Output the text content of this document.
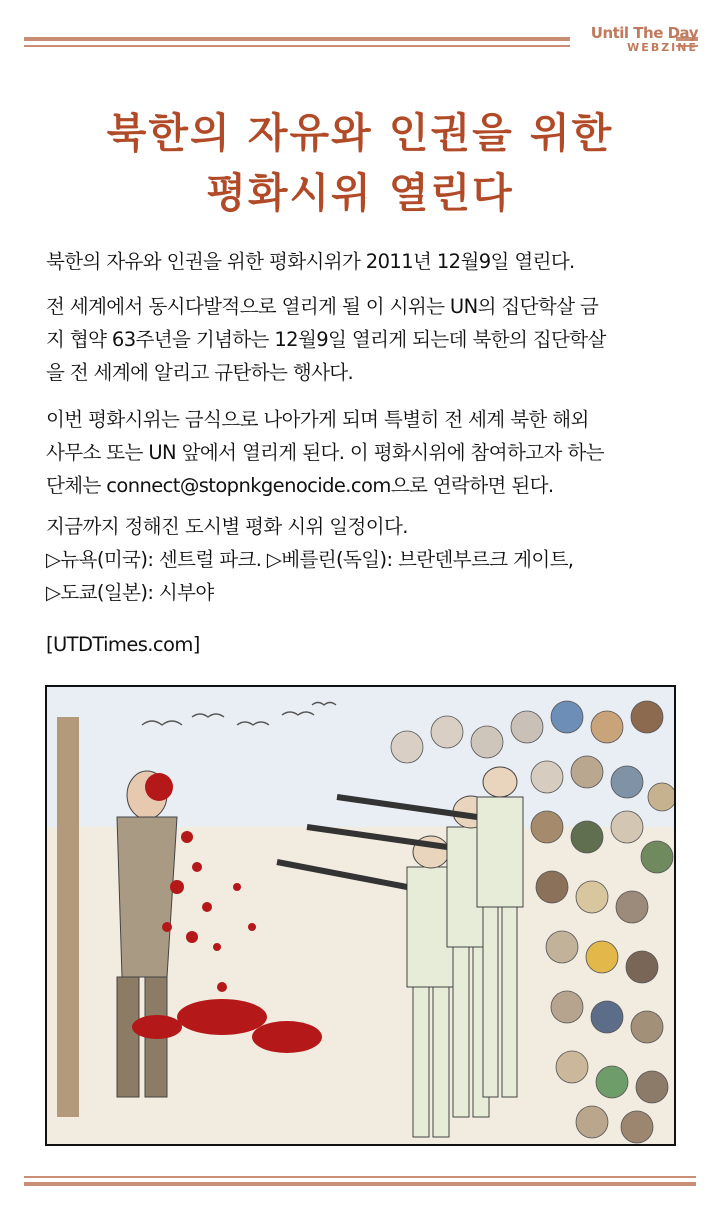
Until The Day
WEBZINE
북한의 자유와 인권을 위한
평화시위 열린다

북한의 자유와 인권을 위한 평화시위가 2011년 12월9일 열린다.

전 세계에서 동시다발적으로 열리게 될 이 시위는 UN의 집단학살 금

지 협약 63주년을 기념하는 12월9일 열리게 되는데 북한의 집단학살

을 전 세계에 알리고 규탄하는 행사다.

이번 평화시위는 금식으로 나아가게 되며 특별히 전 세계 북한 해외

사무소 또는 UN 앞에서 열리게 된다. 이 평화시위에 참여하고자 하는

단체는 connect@stopnkgenocide.com으로 연락하면 된다.

지금까지 정해진 도시별 평화 시위 일정이다.

▷뉴욕(미국): 센트럴 파크. ▷베를린(독일): 브란덴부르크 게이트,

▷도쿄(일본): 시부야

[UTDTimes.com]
